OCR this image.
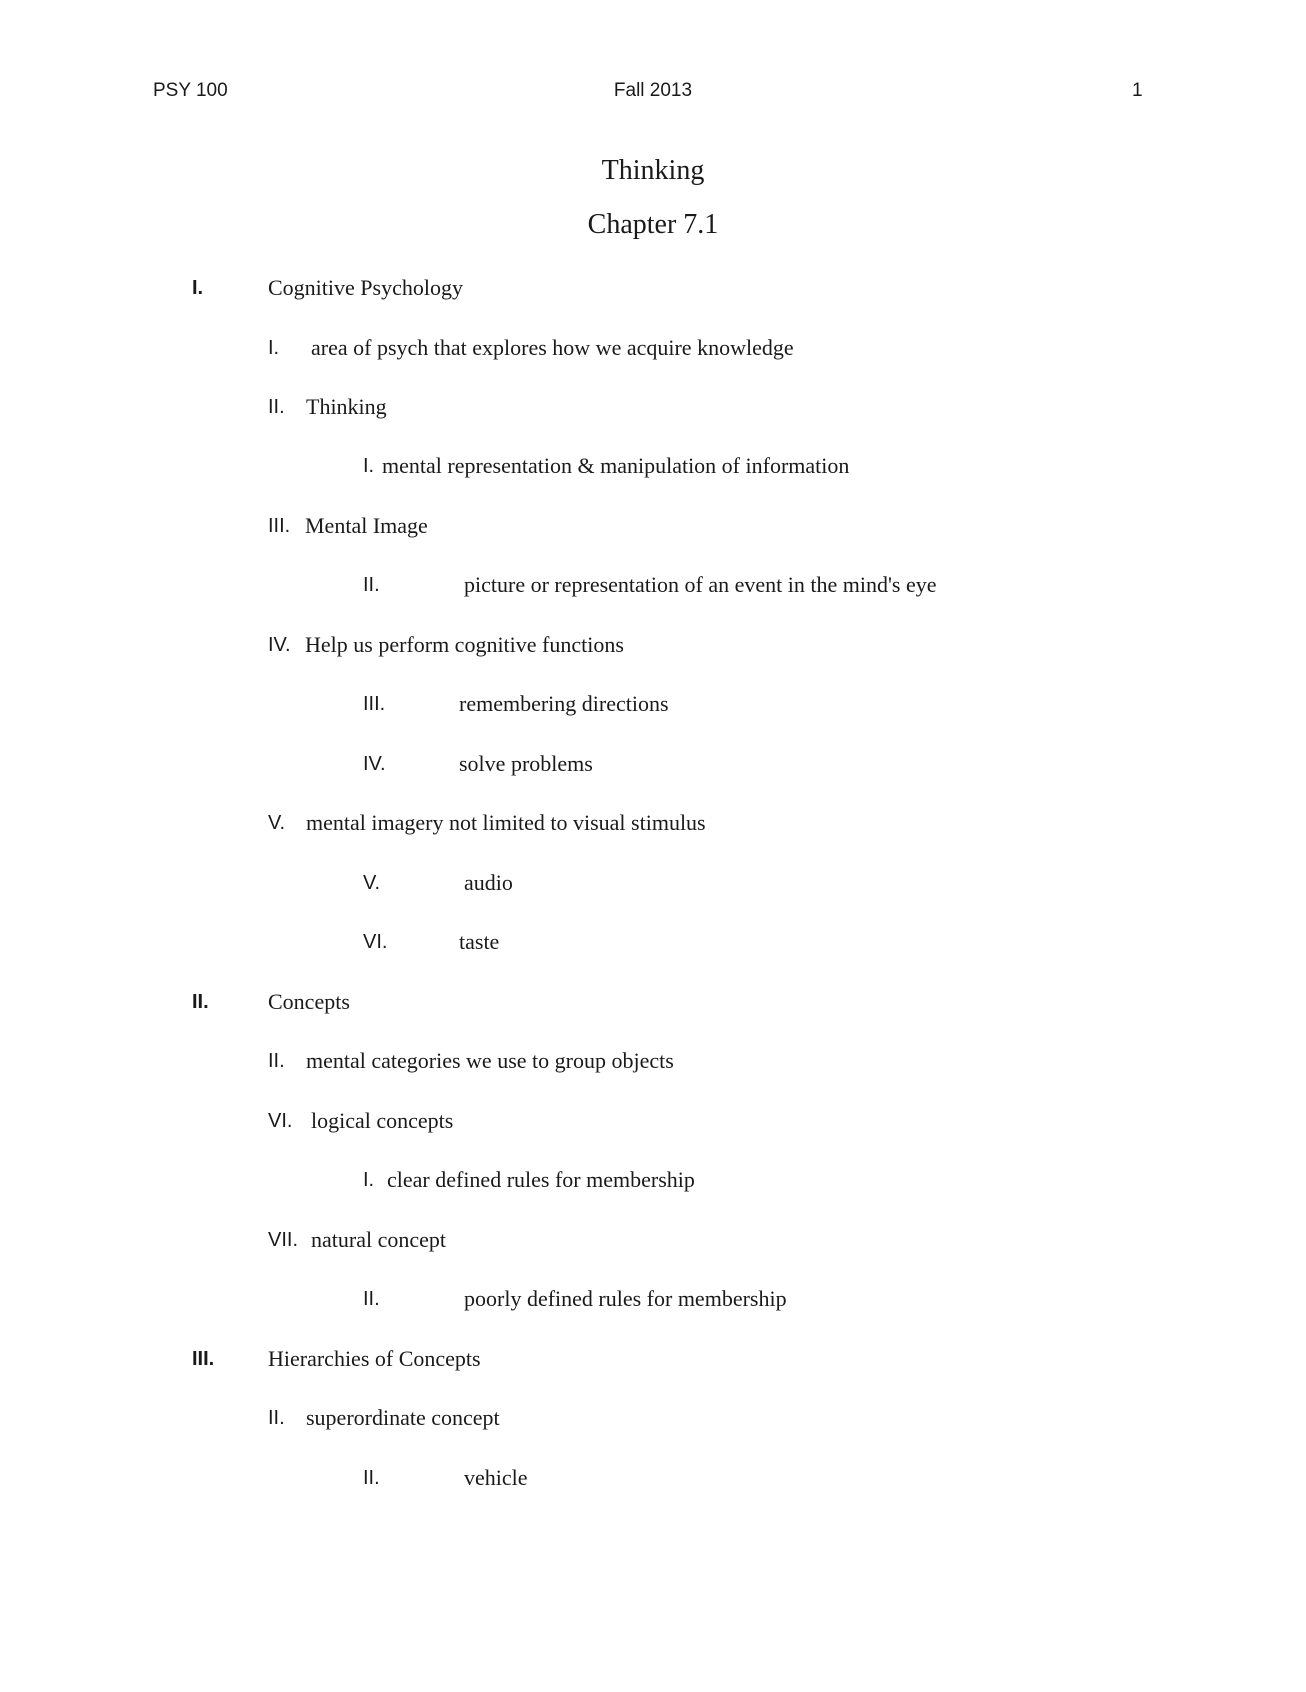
PSY 100	Fall 2013	1
Thinking
Chapter 7.1
I.	Cognitive Psychology
I. area of psych that explores how we acquire knowledge
II. Thinking
I. mental representation & manipulation of information
III. Mental Image
II.	picture or representation of an event in the mind's eye
IV. Help us perform cognitive functions
III.	remembering directions
IV.	solve problems
V. mental imagery not limited to visual stimulus
V.	audio
VI.	taste
II.	Concepts
II. mental categories we use to group objects
VI. logical concepts
I. clear defined rules for membership
VII. natural concept
II.	poorly defined rules for membership
III. Hierarchies of Concepts
II. superordinate concept
II.	vehicle
